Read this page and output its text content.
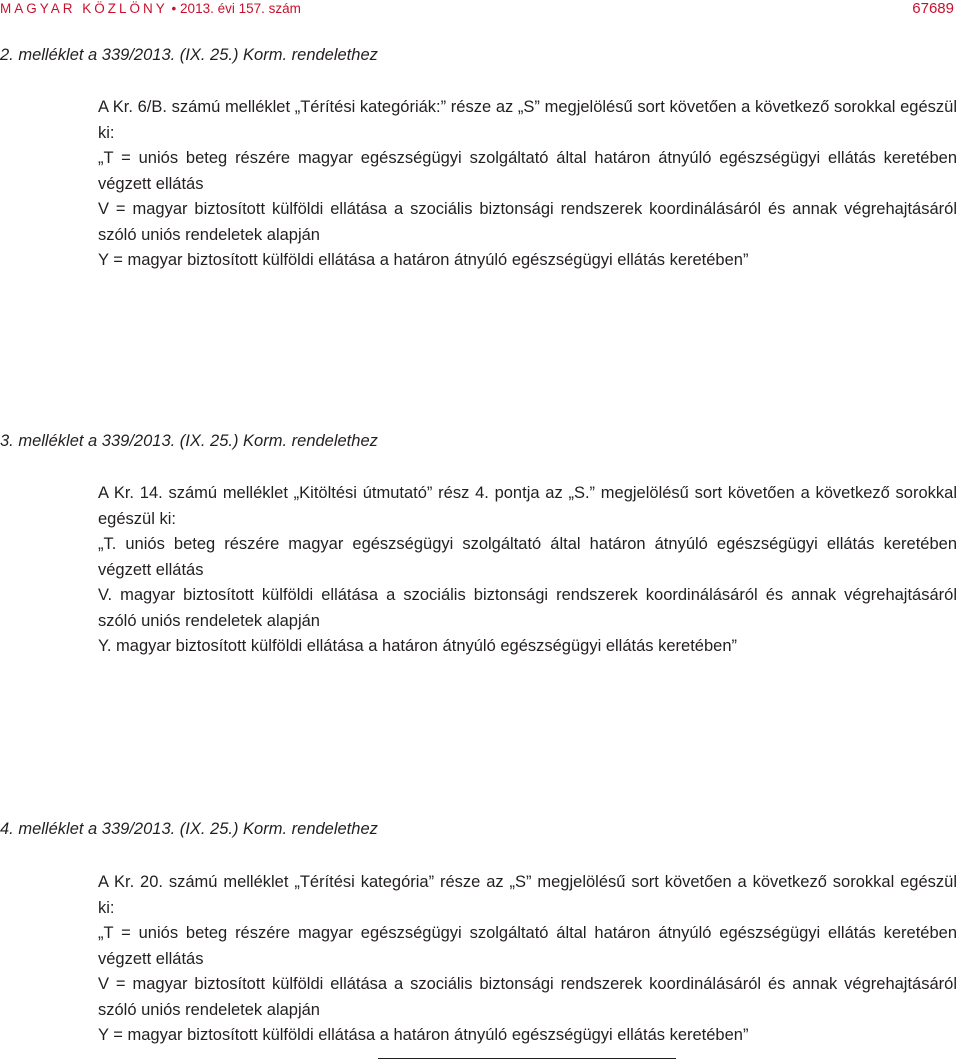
MAGYAR KÖZLÖNY • 2013. évi 157. szám	67689
2. melléklet a 339/2013. (IX. 25.) Korm. rendelethez
A Kr. 6/B. számú melléklet „Térítési kategóriák:” része az „S” megjelölésű sort követően a következő sorokkal egészül ki:
„T = uniós beteg részére magyar egészségügyi szolgáltató által határon átnyúló egészségügyi ellátás keretében végzett ellátás
V = magyar biztosított külföldi ellátása a szociális biztonsági rendszerek koordinálásáról és annak végrehajtásáról szóló uniós rendeletek alapján
Y = magyar biztosított külföldi ellátása a határon átnyúló egészségügyi ellátás keretében”
3. melléklet a 339/2013. (IX. 25.) Korm. rendelethez
A Kr. 14. számú melléklet „Kitöltési útmutató” rész 4. pontja az „S.” megjelölésű sort követően a következő sorokkal egészül ki:
„T. uniós beteg részére magyar egészségügyi szolgáltató által határon átnyúló egészségügyi ellátás keretében végzett ellátás
V. magyar biztosított külföldi ellátása a szociális biztonsági rendszerek koordinálásáról és annak végrehajtásáról szóló uniós rendeletek alapján
Y. magyar biztosított külföldi ellátása a határon átnyúló egészségügyi ellátás keretében”
4. melléklet a 339/2013. (IX. 25.) Korm. rendelethez
A Kr. 20. számú melléklet „Térítési kategória” része az „S” megjelölésű sort követően a következő sorokkal egészül ki:
„T = uniós beteg részére magyar egészségügyi szolgáltató által határon átnyúló egészségügyi ellátás keretében végzett ellátás
V = magyar biztosított külföldi ellátása a szociális biztonsági rendszerek koordinálásáról és annak végrehajtásáról szóló uniós rendeletek alapján
Y = magyar biztosított külföldi ellátása a határon átnyúló egészségügyi ellátás keretében”
